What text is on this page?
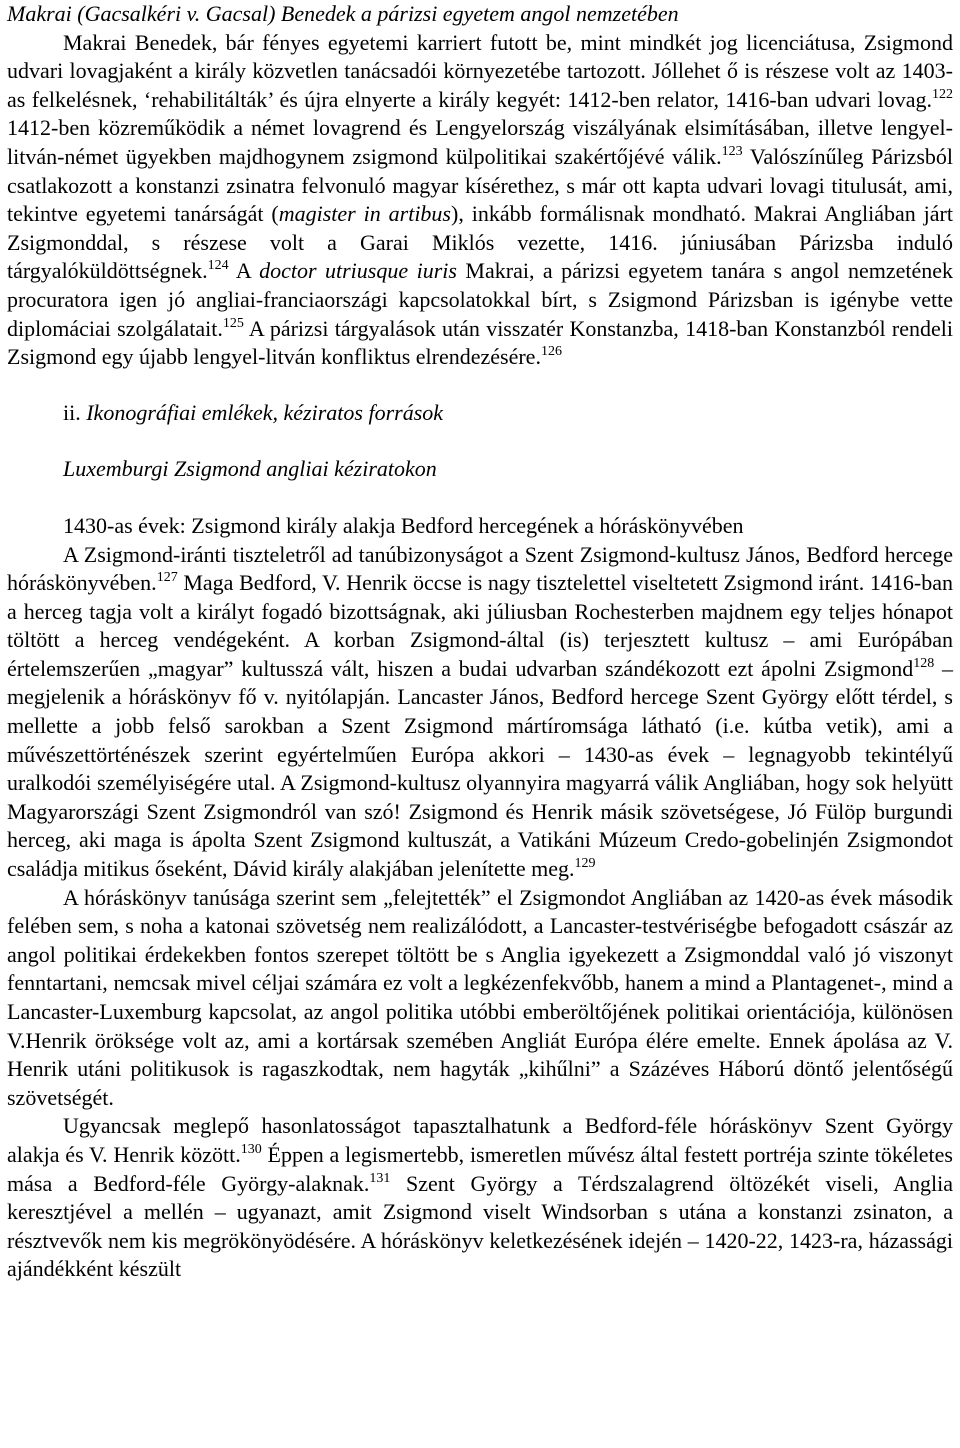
Makrai (Gacsalkéri v. Gacsal) Benedek a párizsi egyetem angol nemzetében

Makrai Benedek, bár fényes egyetemi karriert futott be, mint mindkét jog licenciátusa, Zsigmond udvari lovagjaként a király közvetlen tanácsadói környezetébe tartozott. Jóllehet ő is részese volt az 1403-as felkelésnek, ‘rehabilitálták’ és újra elnyerte a király kegyét: 1412-ben relator, 1416-ban udvari lovag.$^{122}$ 1412-ben közreműködik a német lovagrend és Lengyelország viszályának elsimításában, illetve lengyel-litván-német ügyekben majdhogynem zsigmond külpolitikai szakértőjévé válik.$^{123}$ Valószínűleg Párizsból csatlakozott a konstanzi zsinatra felvonuló magyar kísérethez, s már ott kapta udvari lovagi titulusát, ami, tekintve egyetemi tanárságát (magister in artibus), inkább formálisnak mondható. Makrai Angliában járt Zsigmonddal, s részese volt a Garai Miklós vezette, 1416. júniusában Párizsba induló tárgyalóküldöttségnek.$^{124}$ A doctor utriusque iuris Makrai, a párizsi egyetem tanára s angol nemzetének procuratora igen jó angliai-franciaországi kapcsolatokkal bírt, s Zsigmond Párizsban is igénybe vette diplomáciai szolgálatait.$^{125}$ A párizsi tárgyalások után visszatér Konstanzba, 1418-ban Konstanzból rendeli Zsigmond egy újabb lengyel-litván konfliktus elrendezésére.$^{126}$

ii. Ikonográfiai emlékek, kéziratos források

Luxemburgi Zsigmond angliai kéziratokon

1430-as évek: Zsigmond király alakja Bedford hercegének a hóráskönyvében

A Zsigmond-iránti tiszteletről ad tanúbizonyságot a Szent Zsigmond-kultusz János, Bedford hercege hóráskönyvében.$^{127}$ Maga Bedford, V. Henrik öccse is nagy tisztelettel viseltetett Zsigmond iránt. 1416-ban a herceg tagja volt a királyt fogadó bizottságnak, aki júliusban Rochesterben majdnem egy teljes hónapot töltött a herceg vendégeként. A korban Zsigmond-által (is) terjesztett kultusz – ami Európában értelemszerűen „magyar” kultusszá vált, hiszen a budai udvarban szándékozott ezt ápolni Zsigmond$^{128}$ – megjelenik a hóráskönyv fő v. nyitólapján. Lancaster János, Bedford hercege Szent György előtt térdel, s mellette a jobb felső sarokban a Szent Zsigmond mártíromsága látható (i.e. kútba vetik), ami a művészettörténészek szerint egyértelműen Európa akkori – 1430-as évek – legnagyobb tekintélyű uralkodói személyiségére utal. A Zsigmond-kultusz olyannyira magyarrá válik Angliában, hogy sok helyütt Magyarországi Szent Zsigmondról van szó! Zsigmond és Henrik másik szövetségese, Jó Fülöp burgundi herceg, aki maga is ápolta Szent Zsigmond kultuszát, a Vatikáni Múzeum Credo-gobelinjén Zsigmondot családja mitikus őseként, Dávid király alakjában jelenítette meg.$^{129}$

A hóráskönyv tanúsága szerint sem „felejtették” el Zsigmondot Angliában az 1420-as évek második felében sem, s noha a katonai szövetség nem realizálódott, a Lancaster-testvériségbe befogadott császár az angol politikai érdekekben fontos szerepet töltött be s Anglia igyekezett a Zsigmonddal való jó viszonyt fenntartani, nemcsak mivel céljai számára ez volt a legkézenfekvőbb, hanem a mind a Plantagenet-, mind a Lancaster-Luxemburg kapcsolat, az angol politika utóbbi emberöltőjének politikai orientációja, különösen V.Henrik öröksége volt az, ami a kortársak szemében Angliát Európa élére emelte. Ennek ápolása az V. Henrik utáni politikusok is ragaszkodtak, nem hagyták „kihűlni” a Százéves Háború döntő jelentőségű szövetségét.

Ugyancsak meglepő hasonlatosságot tapasztalhatunk a Bedford-féle hóráskönyv Szent György alakja és V. Henrik között.$^{130}$ Éppen a legismertebb, ismeretlen művész által festett portréja szinte tökéletes mása a Bedford-féle György-alaknak.$^{131}$ Szent György a Térdszalagrend öltözékét viseli, Anglia keresztjével a mellén – ugyanazt, amit Zsigmond viselt Windsorban s utána a konstanzi zsinaton, a résztvevők nem kis megrökönyödésére. A hóráskönyv keletkezésének idején – 1420-22, 1423-ra, házassági ajándékként készült
